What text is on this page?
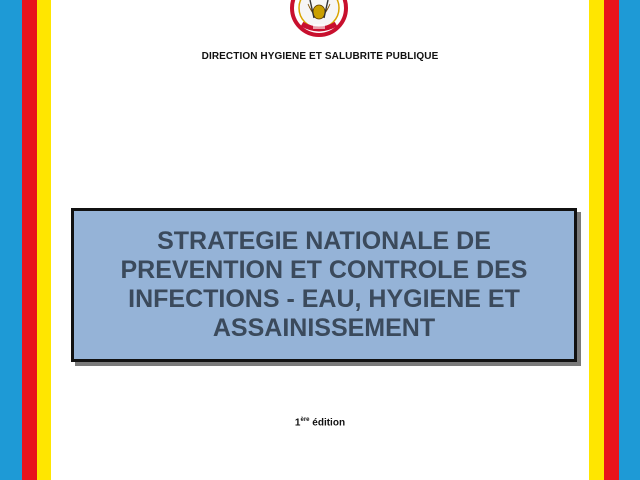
DIRECTION HYGIENE ET SALUBRITE PUBLIQUE
STRATEGIE NATIONALE DE
PREVENTION ET CONTROLE DES
INFECTIONS - EAU, HYGIENE ET
ASSAINISSEMENT
1ère édition
